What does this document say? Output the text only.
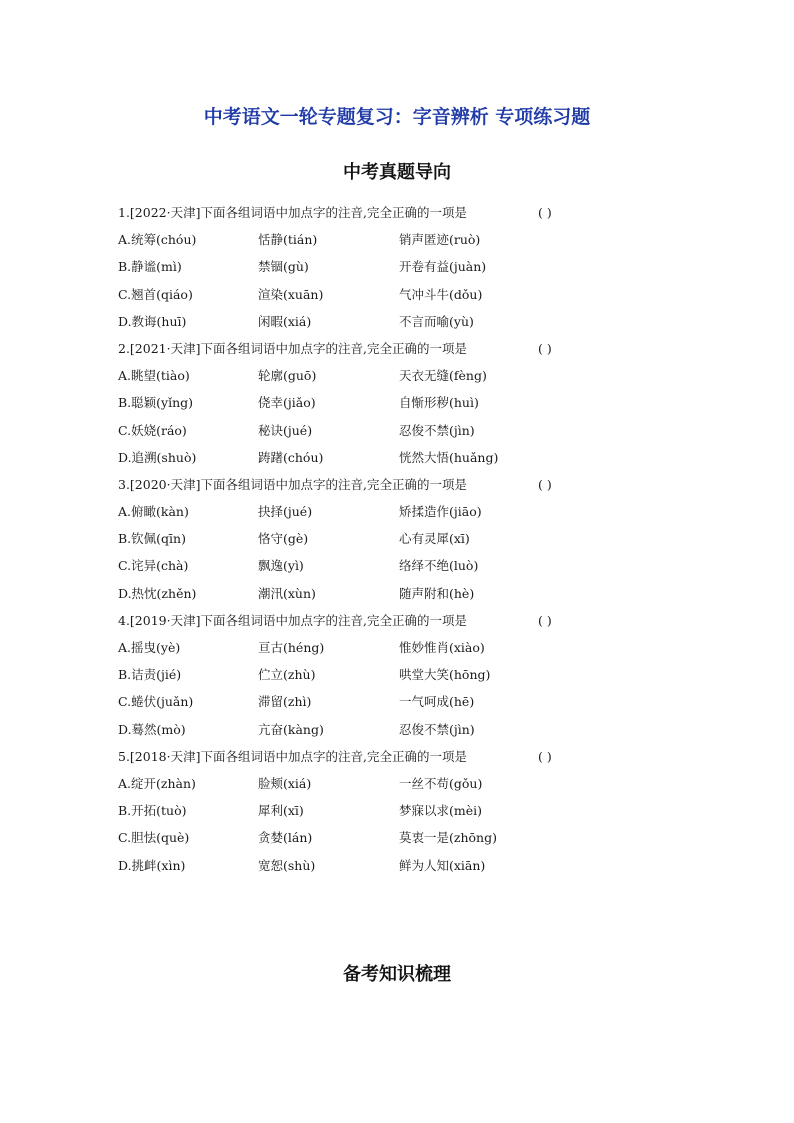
中考语文一轮专题复习：字音辨析 专项练习题
中考真题导向
1.[2022·天津]下面各组词语中加点字的注音,完全正确的一项是	( )
A.统筹(chóu)	恬静(tián)	销声匿迹(ruò)
B.静谧(mì)	禁锢(gù)	开卷有益(juàn)
C.翘首(qiáo)	渲染(xuān)	气冲斗牛(dǒu)
D.教诲(huī)	闲暇(xiá)	不言而喻(yù)
2.[2021·天津]下面各组词语中加点字的注音,完全正确的一项是	( )
A.眺望(tiào)	轮廓(guō)	天衣无缝(fèng)
B.聪颖(yǐng)	侥幸(jiǎo)	自惭形秽(huì)
C.妖娆(ráo)	秘诀(jué)	忍俊不禁(jìn)
D.追溯(shuò)	踌躇(chóu)	恍然大悟(huǎng)
3.[2020·天津]下面各组词语中加点字的注音,完全正确的一项是	( )
A.俯瞰(kàn)	抉择(jué)	矫揉造作(jiāo)
B.钦佩(qīn)	恪守(gè)	心有灵犀(xī)
C.诧异(chà)	飘逸(yì)	络绎不绝(luò)
D.热忱(zhěn)	潮汛(xùn)	随声附和(hè)
4.[2019·天津]下面各组词语中加点字的注音,完全正确的一项是	( )
A.摇曳(yè)	亘古(héng)	惟妙惟肖(xiào)
B.诘责(jié)	伫立(zhù)	哄堂大笑(hōng)
C.蜷伏(juǎn)	滞留(zhì)	一气呵成(hē)
D.蓦然(mò)	亢奋(kàng)	忍俊不禁(jìn)
5.[2018·天津]下面各组词语中加点字的注音,完全正确的一项是	( )
A.绽开(zhàn)	脸颊(xiá)	一丝不苟(gǒu)
B.开拓(tuò)	犀利(xī)	梦寐以求(mèi)
C.胆怯(què)	贪婪(lán)	莫衷一是(zhōng)
D.挑衅(xìn)	宽恕(shù)	鲜为人知(xiān)
备考知识梳理
